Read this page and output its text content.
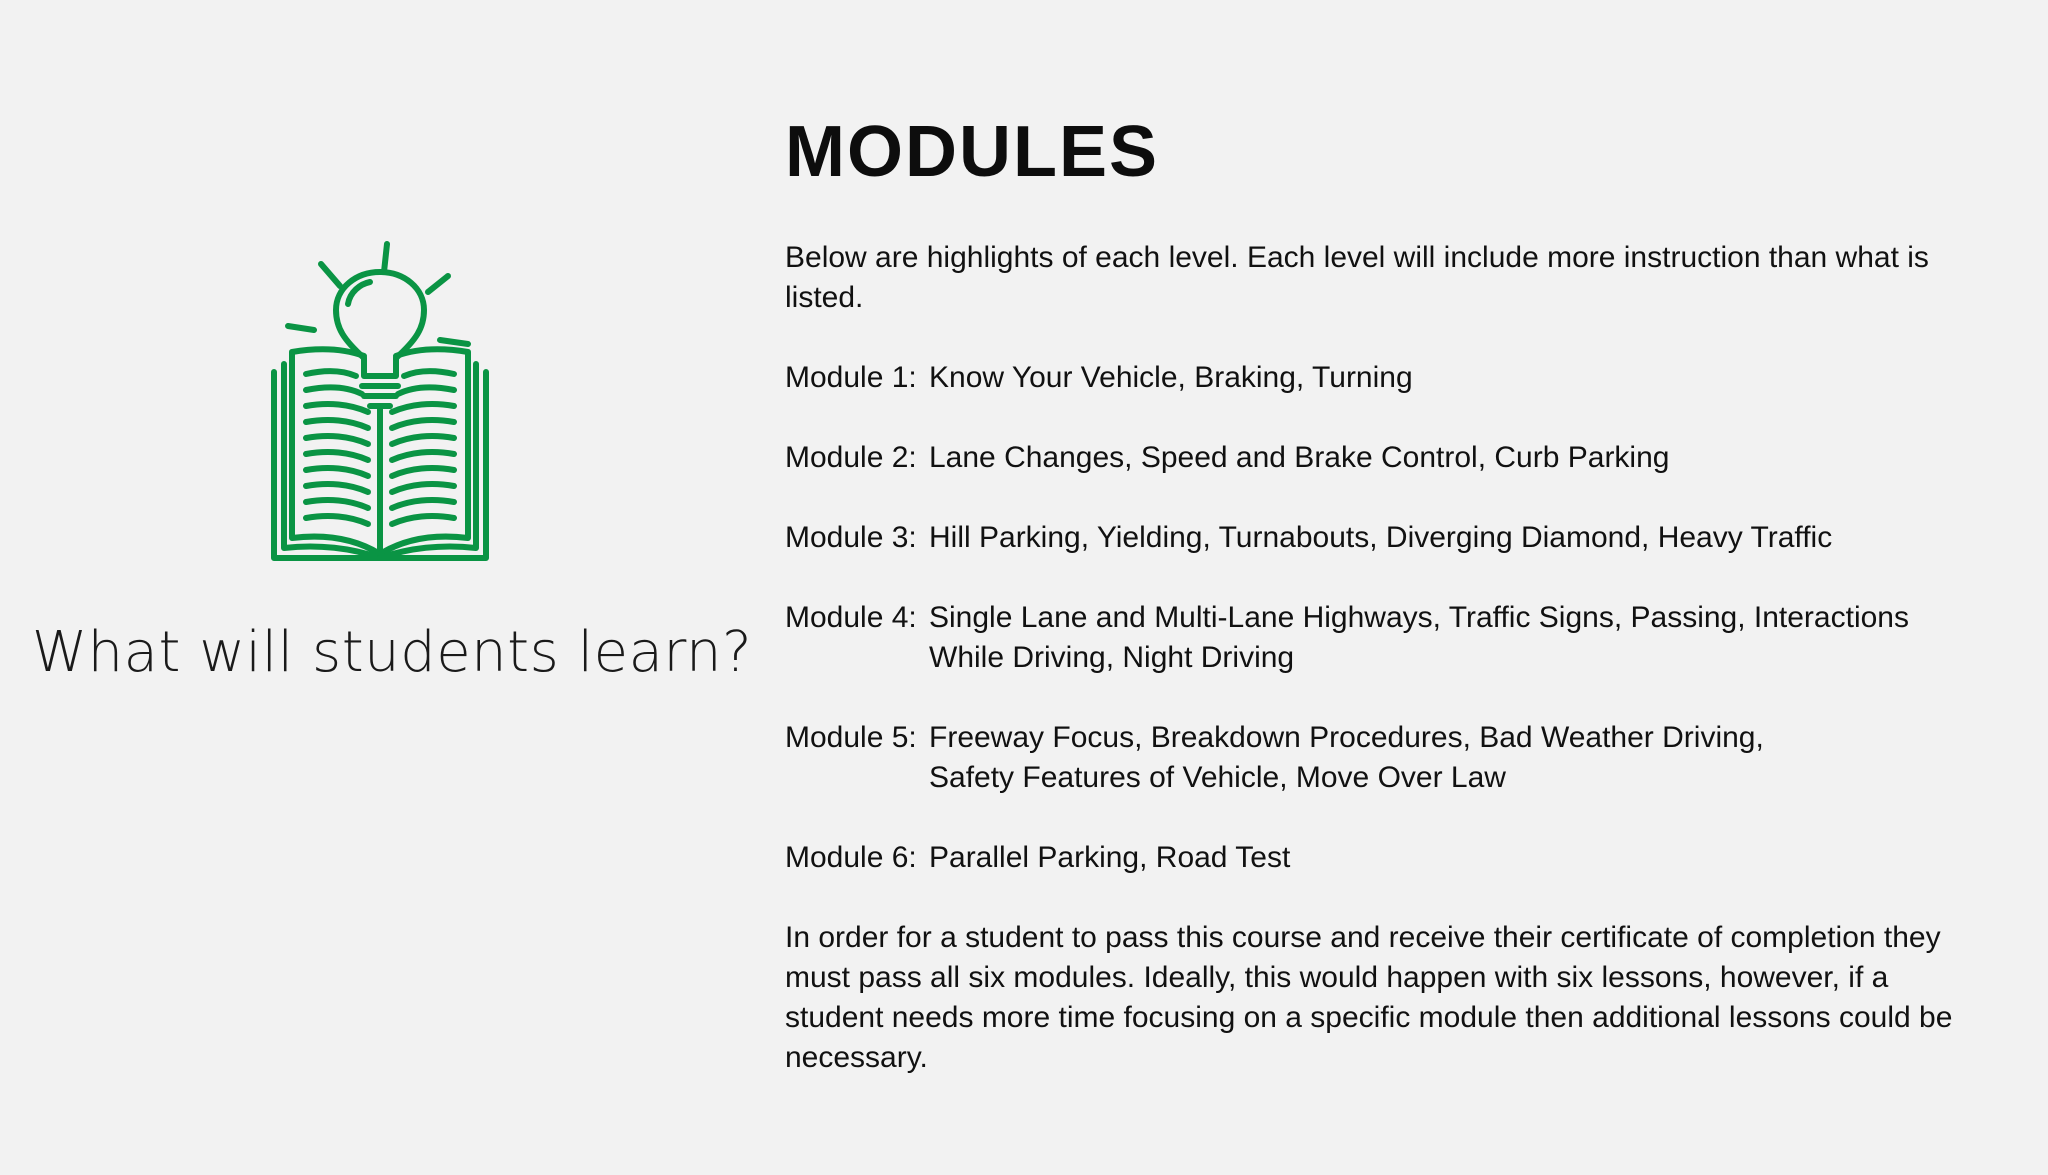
What will students learn?
MODULES

Below are highlights of each level. Each level will include more instruction than what is listed.

Module 1: Know Your Vehicle, Braking, Turning
Module 2: Lane Changes, Speed and Brake Control, Curb Parking
Module 3: Hill Parking, Yielding, Turnabouts, Diverging Diamond, Heavy Traffic
Module 4: Single Lane and Multi-Lane Highways, Traffic Signs, Passing, Interactions While Driving, Night Driving
Module 5: Freeway Focus, Breakdown Procedures, Bad Weather Driving, Safety Features of Vehicle, Move Over Law
Module 6: Parallel Parking, Road Test

In order for a student to pass this course and receive their certificate of completion they must pass all six modules. Ideally, this would happen with six lessons, however, if a student needs more time focusing on a specific module then additional lessons could be necessary.
